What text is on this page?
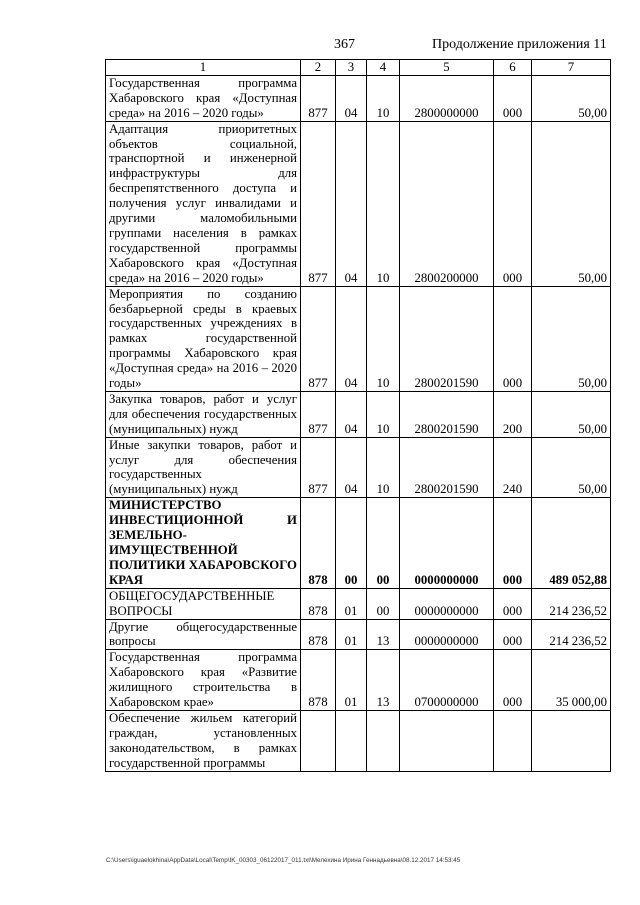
367	Продолжение приложения 11
1	2	3	4	5	6	7
Государственная программа Хабаровского края «Доступная среда» на 2016 – 2020 годы»	877	04	10	2800000000	000	50,00
Адаптация приоритетных объектов социальной, транспортной и инженерной инфраструктуры для беспрепятственного доступа и получения услуг инвалидами и другими маломобильными группами населения в рамках государственной программы Хабаровского края «Доступная среда» на 2016 – 2020 годы»	877	04	10	2800200000	000	50,00
Мероприятия по созданию безбарьерной среды в краевых государственных учреждениях в рамках государственной программы Хабаровского края «Доступная среда» на 2016 – 2020 годы»	877	04	10	2800201590	000	50,00
Закупка товаров, работ и услуг для обеспечения государственных (муниципальных) нужд	877	04	10	2800201590	200	50,00
Иные закупки товаров, работ и услуг для обеспечения государственных (муниципальных) нужд	877	04	10	2800201590	240	50,00
МИНИСТЕРСТВО ИНВЕСТИЦИОННОЙ И ЗЕМЕЛЬНО-ИМУЩЕСТВЕННОЙ ПОЛИТИКИ ХАБАРОВСКОГО КРАЯ	878	00	00	0000000000	000	489 052,88
ОБЩЕГОСУДАРСТВЕННЫЕ ВОПРОСЫ	878	01	00	0000000000	000	214 236,52
Другие общегосударственные вопросы	878	01	13	0000000000	000	214 236,52
Государственная программа Хабаровского края «Развитие жилищного строительства в Хабаровском крае»	878	01	13	0700000000	000	35 000,00
Обеспечение жильем категорий граждан, установленных законодательством, в рамках государственной программы						
C:\Users\iguaelokhina\AppData\Local\Temp\IK_00303_06122017_011.txt\Мелехина Ирина Геннадьевна\08.12.2017 14:53:45
